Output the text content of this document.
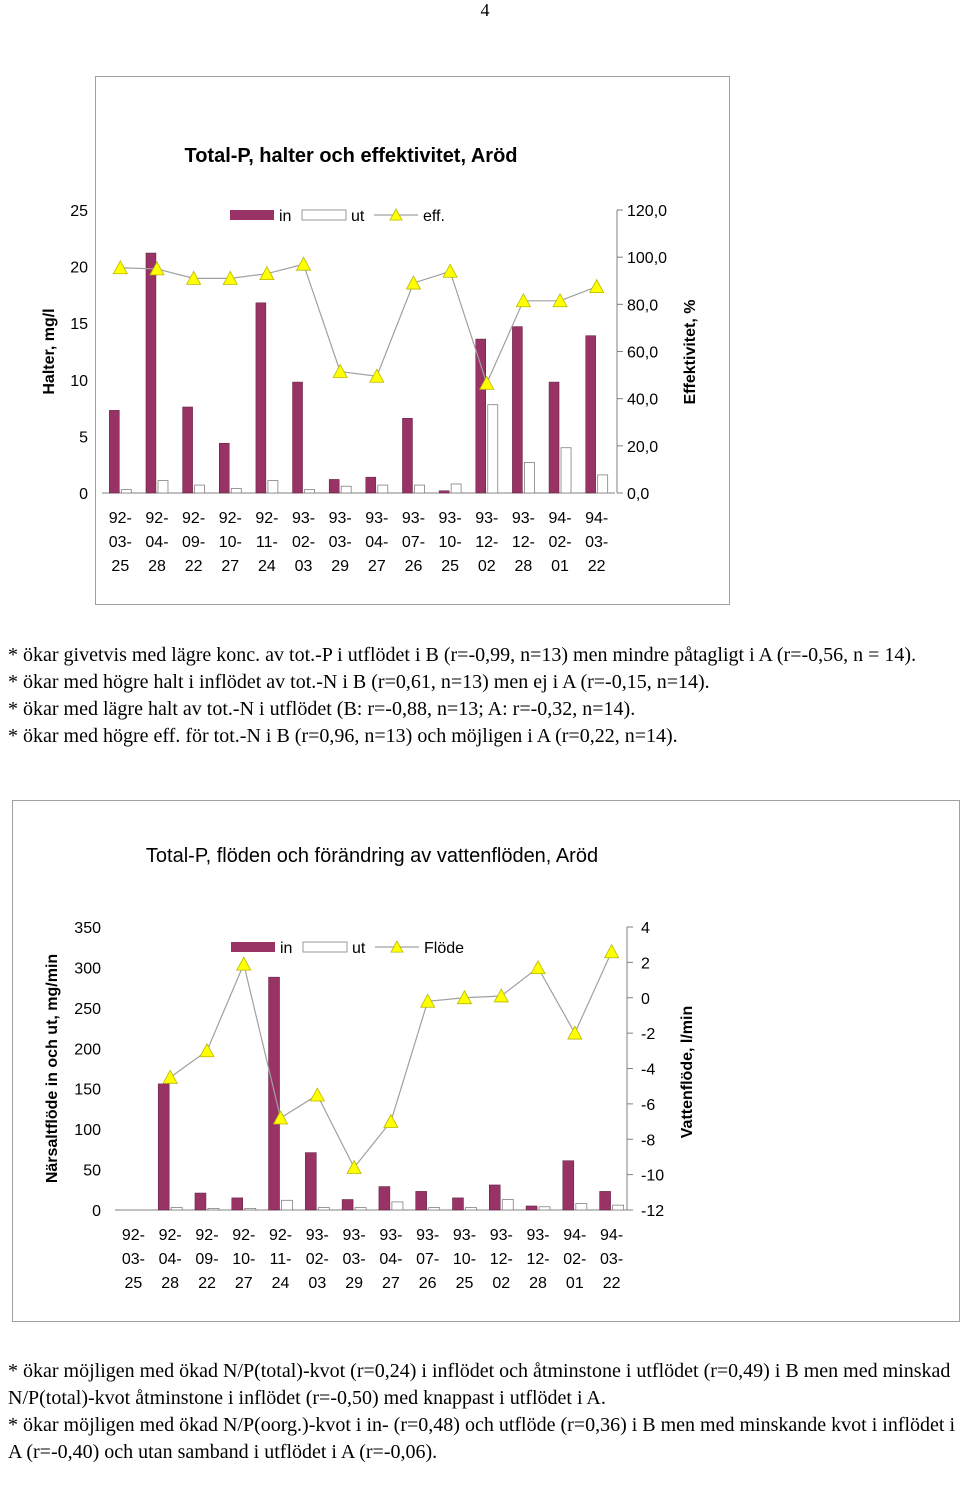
4
Total-P, halter och effektivitet, Aröd
0
5
10
15
20
25
0,0
20,0
40,0
60,0
80,0
100,0
120,0
Halter, mg/l	Effektivitet, %
92-
03-
25
92-
04-
28
92-
09-
22
92-
10-
27
92-
11-
24
93-
02-
03
93-
03-
29
93-
04-
27
93-
07-
26
93-
10-
25
93-
12-
02
93-
12-
28
94-
02-
01
94-
03-
22
in	ut	eff.

* ökar givetvis med lägre konc. av tot.-P i utflödet i B (r=-0,99, n=13) men mindre påtagligt i A (r=-0,56, n = 14).

* ökar med högre halt i inflödet av tot.-N i B (r=0,61, n=13) men ej i A (r=-0,15, n=14).

* ökar med lägre halt av tot.-N i utflödet (B: r=-0,88, n=13; A: r=-0,32, n=14).

* ökar med högre eff. för tot.-N i B (r=0,96, n=13) och möjligen i A (r=0,22, n=14).

Total-P, flöden och förändring av vattenflöden, Aröd
0
50
100
150
200
250
300
350
-12
-10
-8
-6
-4
-2
0
2
4
Närsaltflöde in och ut, mg/min	Vattenflöde, l/min
92-
03-
25
92-
04-
28
92-
09-
22
92-
10-
27
92-
11-
24
93-
02-
03
93-
03-
29
93-
04-
27
93-
07-
26
93-
10-
25
93-
12-
02
93-
12-
28
94-
02-
01
94-
03-
22
in	ut	Flöde

* ökar möjligen med ökad N/P(total)-kvot (r=0,24) i inflödet och åtminstone i utflödet (r=0,49) i B men med minskad N/P(total)-kvot åtminstone i inflödet (r=-0,50) med knappast i utflödet i A.

* ökar möjligen med ökad N/P(oorg.)-kvot i in- (r=0,48) och utflöde (r=0,36) i B men med minskande kvot i inflödet i A (r=-0,40) och utan samband i utflödet i A (r=-0,06).
